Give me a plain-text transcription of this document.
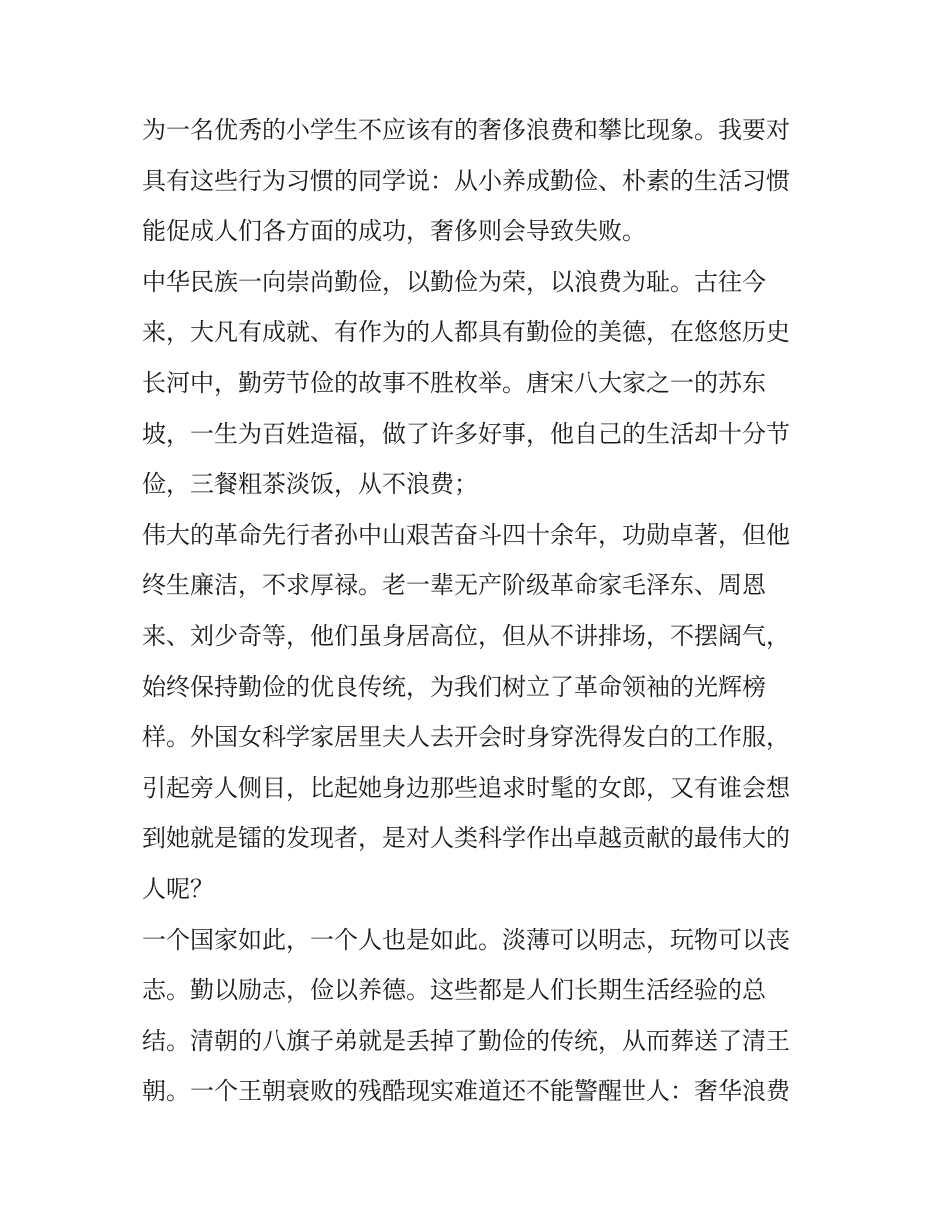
为一名优秀的小学生不应该有的奢侈浪费和攀比现象。我要对
具有这些行为习惯的同学说：从小养成勤俭、朴素的生活习惯
能促成人们各方面的成功，奢侈则会导致失败。
中华民族一向崇尚勤俭，以勤俭为荣，以浪费为耻。古往今
来，大凡有成就、有作为的人都具有勤俭的美德，在悠悠历史
长河中，勤劳节俭的故事不胜枚举。唐宋八大家之一的苏东
坡，一生为百姓造福，做了许多好事，他自己的生活却十分节
俭，三餐粗茶淡饭，从不浪费；
伟大的革命先行者孙中山艰苦奋斗四十余年，功勋卓著，但他
终生廉洁，不求厚禄。老一辈无产阶级革命家毛泽东、周恩
来、刘少奇等，他们虽身居高位，但从不讲排场，不摆阔气，
始终保持勤俭的优良传统，为我们树立了革命领袖的光辉榜
样。外国女科学家居里夫人去开会时身穿洗得发白的工作服，
引起旁人侧目，比起她身边那些追求时髦的女郎，又有谁会想
到她就是镭的发现者，是对人类科学作出卓越贡献的最伟大的
人呢？
一个国家如此，一个人也是如此。淡薄可以明志，玩物可以丧
志。勤以励志，俭以养德。这些都是人们长期生活经验的总
结。清朝的八旗子弟就是丢掉了勤俭的传统，从而葬送了清王
朝。一个王朝衰败的残酷现实难道还不能警醒世人：奢华浪费
